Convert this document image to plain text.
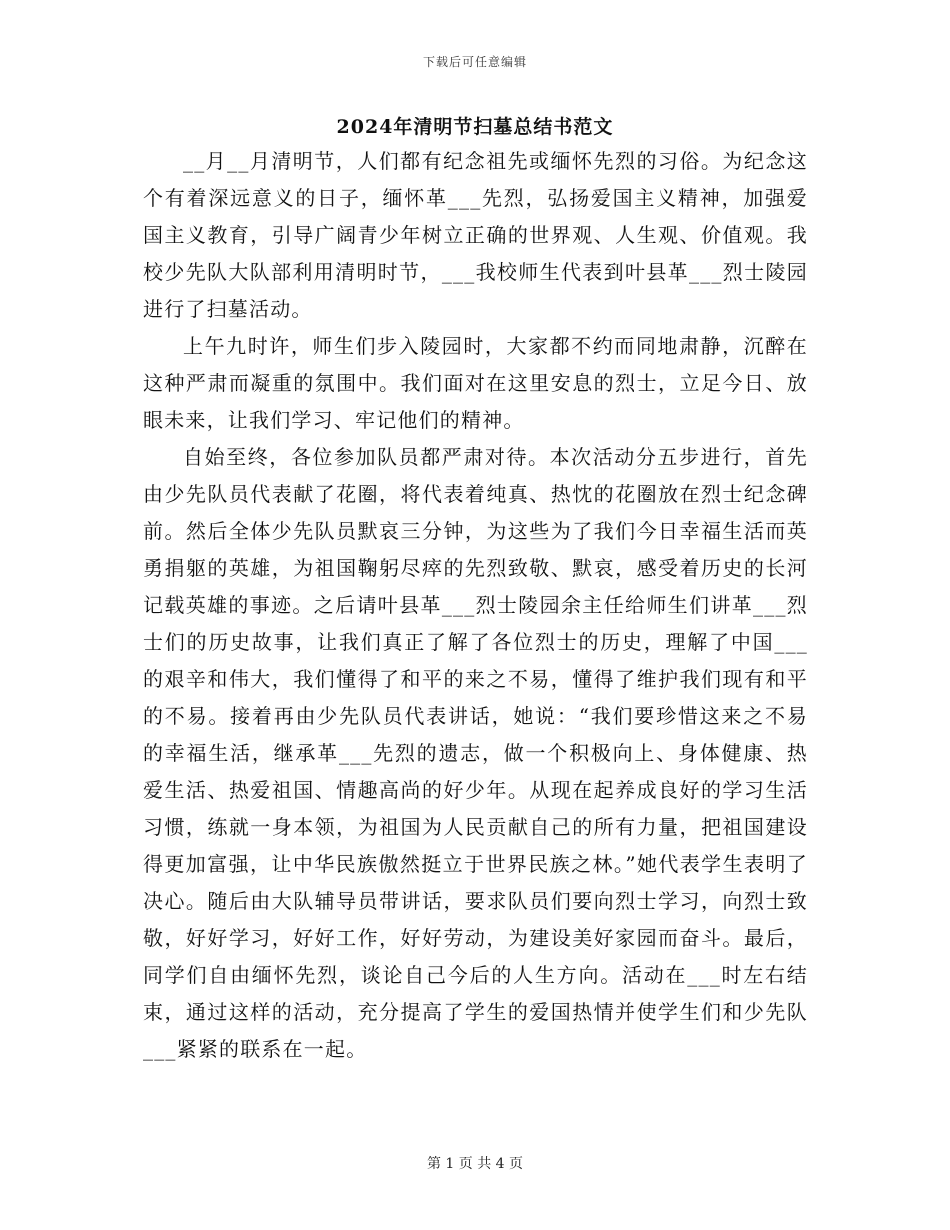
下载后可任意编辑
2024年清明节扫墓总结书范文

__月__月清明节，人们都有纪念祖先或缅怀先烈的习俗。为纪念这个有着深远意义的日子，缅怀革___先烈，弘扬爱国主义精神，加强爱国主义教育，引导广阔青少年树立正确的世界观、人生观、价值观。我校少先队大队部利用清明时节，___我校师生代表到叶县革___烈士陵园进行了扫墓活动。

上午九时许，师生们步入陵园时，大家都不约而同地肃静，沉醉在这种严肃而凝重的氛围中。我们面对在这里安息的烈士，立足今日、放眼未来，让我们学习、牢记他们的精神。

自始至终，各位参加队员都严肃对待。本次活动分五步进行，首先由少先队员代表献了花圈，将代表着纯真、热忱的花圈放在烈士纪念碑前。然后全体少先队员默哀三分钟，为这些为了我们今日幸福生活而英勇捐躯的英雄，为祖国鞠躬尽瘁的先烈致敬、默哀，感受着历史的长河记载英雄的事迹。之后请叶县革___烈士陵园余主任给师生们讲革___烈士们的历史故事，让我们真正了解了各位烈士的历史，理解了中国___的艰辛和伟大，我们懂得了和平的来之不易，懂得了维护我们现有和平的不易。接着再由少先队员代表讲话，她说：“我们要珍惜这来之不易的幸福生活，继承革___先烈的遗志，做一个积极向上、身体健康、热爱生活、热爱祖国、情趣高尚的好少年。从现在起养成良好的学习生活习惯，练就一身本领，为祖国为人民贡献自己的所有力量，把祖国建设得更加富强，让中华民族傲然挺立于世界民族之林。”她代表学生表明了决心。随后由大队辅导员带讲话，要求队员们要向烈士学习，向烈士致敬，好好学习，好好工作，好好劳动，为建设美好家园而奋斗。最后，同学们自由缅怀先烈，谈论自己今后的人生方向。活动在___时左右结束，通过这样的活动，充分提高了学生的爱国热情并使学生们和少先队___紧紧的联系在一起。

第 1 页 共 4 页
